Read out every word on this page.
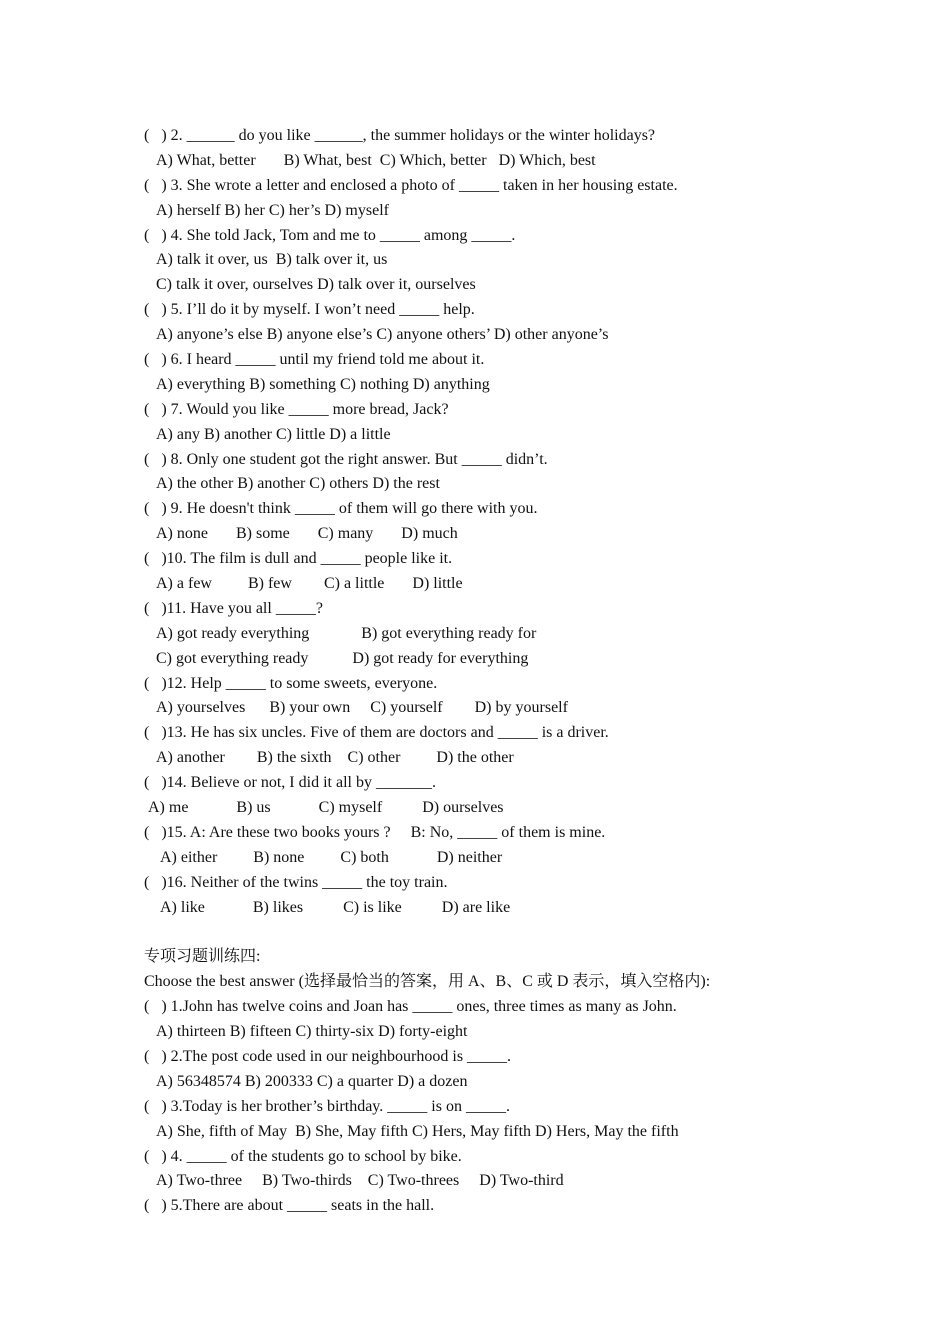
(   ) 2. ______ do you like ______, the summer holidays or the winter holidays?
A) What, better       B) What, best  C) Which, better   D) Which, best
(   ) 3. She wrote a letter and enclosed a photo of _____ taken in her housing estate.
A) herself B) her C) her’s D) myself
(   ) 4. She told Jack, Tom and me to _____ among _____.
A) talk it over, us  B) talk over it, us
C) talk it over, ourselves D) talk over it, ourselves
(   ) 5. I’ll do it by myself. I won’t need _____ help.
A) anyone’s else B) anyone else’s C) anyone others’ D) other anyone’s
(   ) 6. I heard _____ until my friend told me about it.
A) everything B) something C) nothing D) anything
(   ) 7. Would you like _____ more bread, Jack?
A) any B) another C) little D) a little
(   ) 8. Only one student got the right answer. But _____ didn’t.
A) the other B) another C) others D) the rest
(   ) 9. He doesn't think _____ of them will go there with you.
A) none       B) some       C) many       D) much
(   )10. The film is dull and _____ people like it.
A) a few         B) few        C) a little       D) little
(   )11. Have you all _____?
A) got ready everything             B) got everything ready for
C) got everything ready           D) got ready for everything
(   )12. Help _____ to some sweets, everyone.
A) yourselves      B) your own     C) yourself        D) by yourself
(   )13. He has six uncles. Five of them are doctors and _____ is a driver.
A) another        B) the sixth    C) other         D) the other
(   )14. Believe or not, I did it all by _______.
A) me            B) us            C) myself          D) ourselves
(   )15. A: Are these two books yours ?     B: No, _____ of them is mine.
A) either         B) none         C) both            D) neither
(   )16. Neither of the twins _____ the toy train.
A) like            B) likes          C) is like          D) are like
专项习题训练四:
Choose the best answer (选择最恰当的答案，用 A、B、C 或 D 表示，填入空格内):
(   ) 1.John has twelve coins and Joan has _____ ones, three times as many as John.
A) thirteen B) fifteen C) thirty-six D) forty-eight
(   ) 2.The post code used in our neighbourhood is _____.
A) 56348574 B) 200333 C) a quarter D) a dozen
(   ) 3.Today is her brother’s birthday. _____ is on _____.
A) She, fifth of May  B) She, May fifth C) Hers, May fifth D) Hers, May the fifth
(   ) 4. _____ of the students go to school by bike.
A) Two-three     B) Two-thirds    C) Two-threes     D) Two-third
(   ) 5.There are about _____ seats in the hall.
